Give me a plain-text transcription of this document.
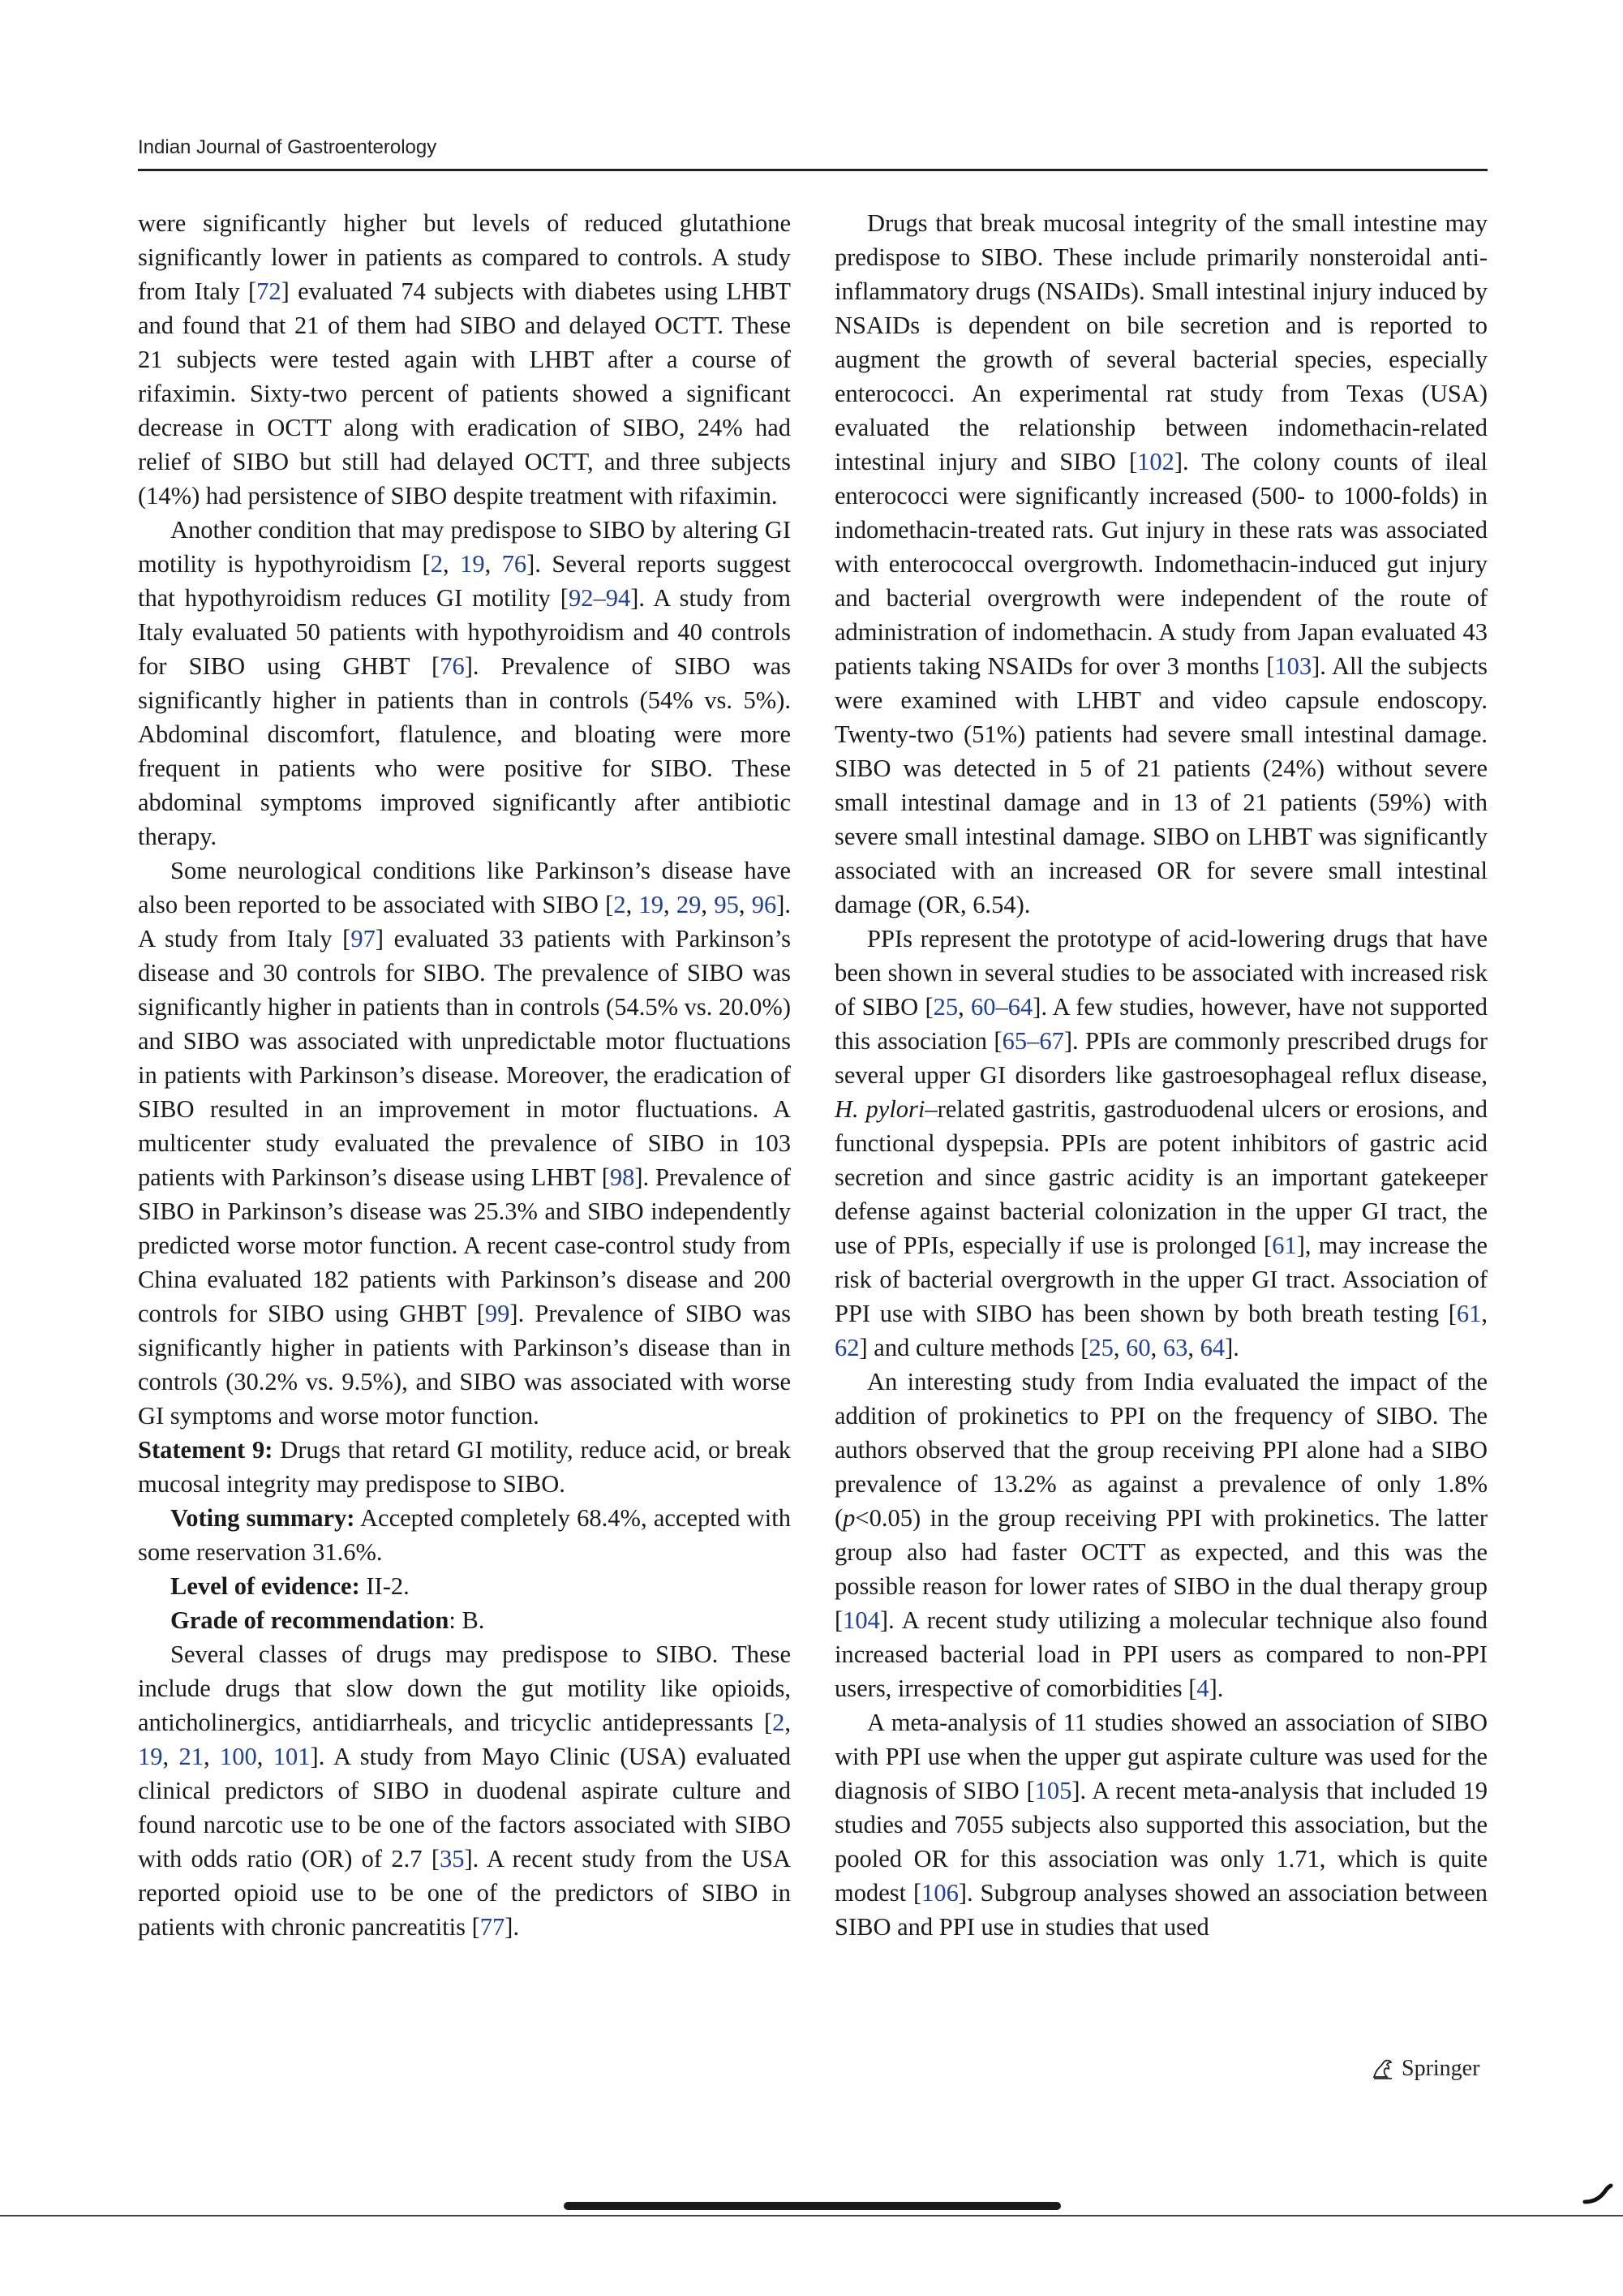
Indian Journal of Gastroenterology

were significantly higher but levels of reduced glutathione significantly lower in patients as compared to controls. A study from Italy [72] evaluated 74 subjects with diabetes using LHBT and found that 21 of them had SIBO and delayed OCTT. These 21 subjects were tested again with LHBT after a course of rifaximin. Sixty-two percent of patients showed a significant decrease in OCTT along with eradication of SIBO, 24% had relief of SIBO but still had delayed OCTT, and three subjects (14%) had persistence of SIBO despite treatment with rifaximin.

Another condition that may predispose to SIBO by altering GI motility is hypothyroidism [2, 19, 76]. Several reports suggest that hypothyroidism reduces GI motility [92–94]. A study from Italy evaluated 50 patients with hypothyroidism and 40 controls for SIBO using GHBT [76]. Prevalence of SIBO was significantly higher in patients than in controls (54% vs. 5%). Abdominal discomfort, flatulence, and bloating were more frequent in patients who were positive for SIBO. These abdominal symptoms improved significantly after antibiotic therapy.

Some neurological conditions like Parkinson’s disease have also been reported to be associated with SIBO [2, 19, 29, 95, 96]. A study from Italy [97] evaluated 33 patients with Parkinson’s disease and 30 controls for SIBO. The prevalence of SIBO was significantly higher in patients than in controls (54.5% vs. 20.0%) and SIBO was associated with unpredictable motor fluctuations in patients with Parkinson’s disease. Moreover, the eradication of SIBO resulted in an improvement in motor fluctuations. A multicenter study evaluated the prevalence of SIBO in 103 patients with Parkinson’s disease using LHBT [98]. Prevalence of SIBO in Parkinson’s disease was 25.3% and SIBO independently predicted worse motor function. A recent case-control study from China evaluated 182 patients with Parkinson’s disease and 200 controls for SIBO using GHBT [99]. Prevalence of SIBO was significantly higher in patients with Parkinson’s disease than in controls (30.2% vs. 9.5%), and SIBO was associated with worse GI symptoms and worse motor function.

Statement 9: Drugs that retard GI motility, reduce acid, or break mucosal integrity may predispose to SIBO.

Voting summary: Accepted completely 68.4%, accepted with some reservation 31.6%.

Level of evidence: II-2.

Grade of recommendation: B.

Several classes of drugs may predispose to SIBO. These include drugs that slow down the gut motility like opioids, anticholinergics, antidiarrheals, and tricyclic antidepressants [2, 19, 21, 100, 101]. A study from Mayo Clinic (USA) evaluated clinical predictors of SIBO in duodenal aspirate culture and found narcotic use to be one of the factors associated with SIBO with odds ratio (OR) of 2.7 [35]. A recent study from the USA reported opioid use to be one of the predictors of SIBO in patients with chronic pancreatitis [77].

Drugs that break mucosal integrity of the small intestine may predispose to SIBO. These include primarily nonsteroidal anti-inflammatory drugs (NSAIDs). Small intestinal injury induced by NSAIDs is dependent on bile secretion and is reported to augment the growth of several bacterial species, especially enterococci. An experimental rat study from Texas (USA) evaluated the relationship between indomethacin-related intestinal injury and SIBO [102]. The colony counts of ileal enterococci were significantly increased (500- to 1000-folds) in indomethacin-treated rats. Gut injury in these rats was associated with enterococcal overgrowth. Indomethacin-induced gut injury and bacterial overgrowth were independent of the route of administration of indomethacin. A study from Japan evaluated 43 patients taking NSAIDs for over 3 months [103]. All the subjects were examined with LHBT and video capsule endoscopy. Twenty-two (51%) patients had severe small intestinal damage. SIBO was detected in 5 of 21 patients (24%) without severe small intestinal damage and in 13 of 21 patients (59%) with severe small intestinal damage. SIBO on LHBT was significantly associated with an increased OR for severe small intestinal damage (OR, 6.54).

PPIs represent the prototype of acid-lowering drugs that have been shown in several studies to be associated with increased risk of SIBO [25, 60–64]. A few studies, however, have not supported this association [65–67]. PPIs are commonly prescribed drugs for several upper GI disorders like gastroesophageal reflux disease, H. pylori–related gastritis, gastroduodenal ulcers or erosions, and functional dyspepsia. PPIs are potent inhibitors of gastric acid secretion and since gastric acidity is an important gatekeeper defense against bacterial colonization in the upper GI tract, the use of PPIs, especially if use is prolonged [61], may increase the risk of bacterial overgrowth in the upper GI tract. Association of PPI use with SIBO has been shown by both breath testing [61, 62] and culture methods [25, 60, 63, 64].

An interesting study from India evaluated the impact of the addition of prokinetics to PPI on the frequency of SIBO. The authors observed that the group receiving PPI alone had a SIBO prevalence of 13.2% as against a prevalence of only 1.8% (p<0.05) in the group receiving PPI with prokinetics. The latter group also had faster OCTT as expected, and this was the possible reason for lower rates of SIBO in the dual therapy group [104]. A recent study utilizing a molecular technique also found increased bacterial load in PPI users as compared to non-PPI users, irrespective of comorbidities [4].

A meta-analysis of 11 studies showed an association of SIBO with PPI use when the upper gut aspirate culture was used for the diagnosis of SIBO [105]. A recent meta-analysis that included 19 studies and 7055 subjects also supported this association, but the pooled OR for this association was only 1.71, which is quite modest [106]. Subgroup analyses showed an association between SIBO and PPI use in studies that used

Springer
